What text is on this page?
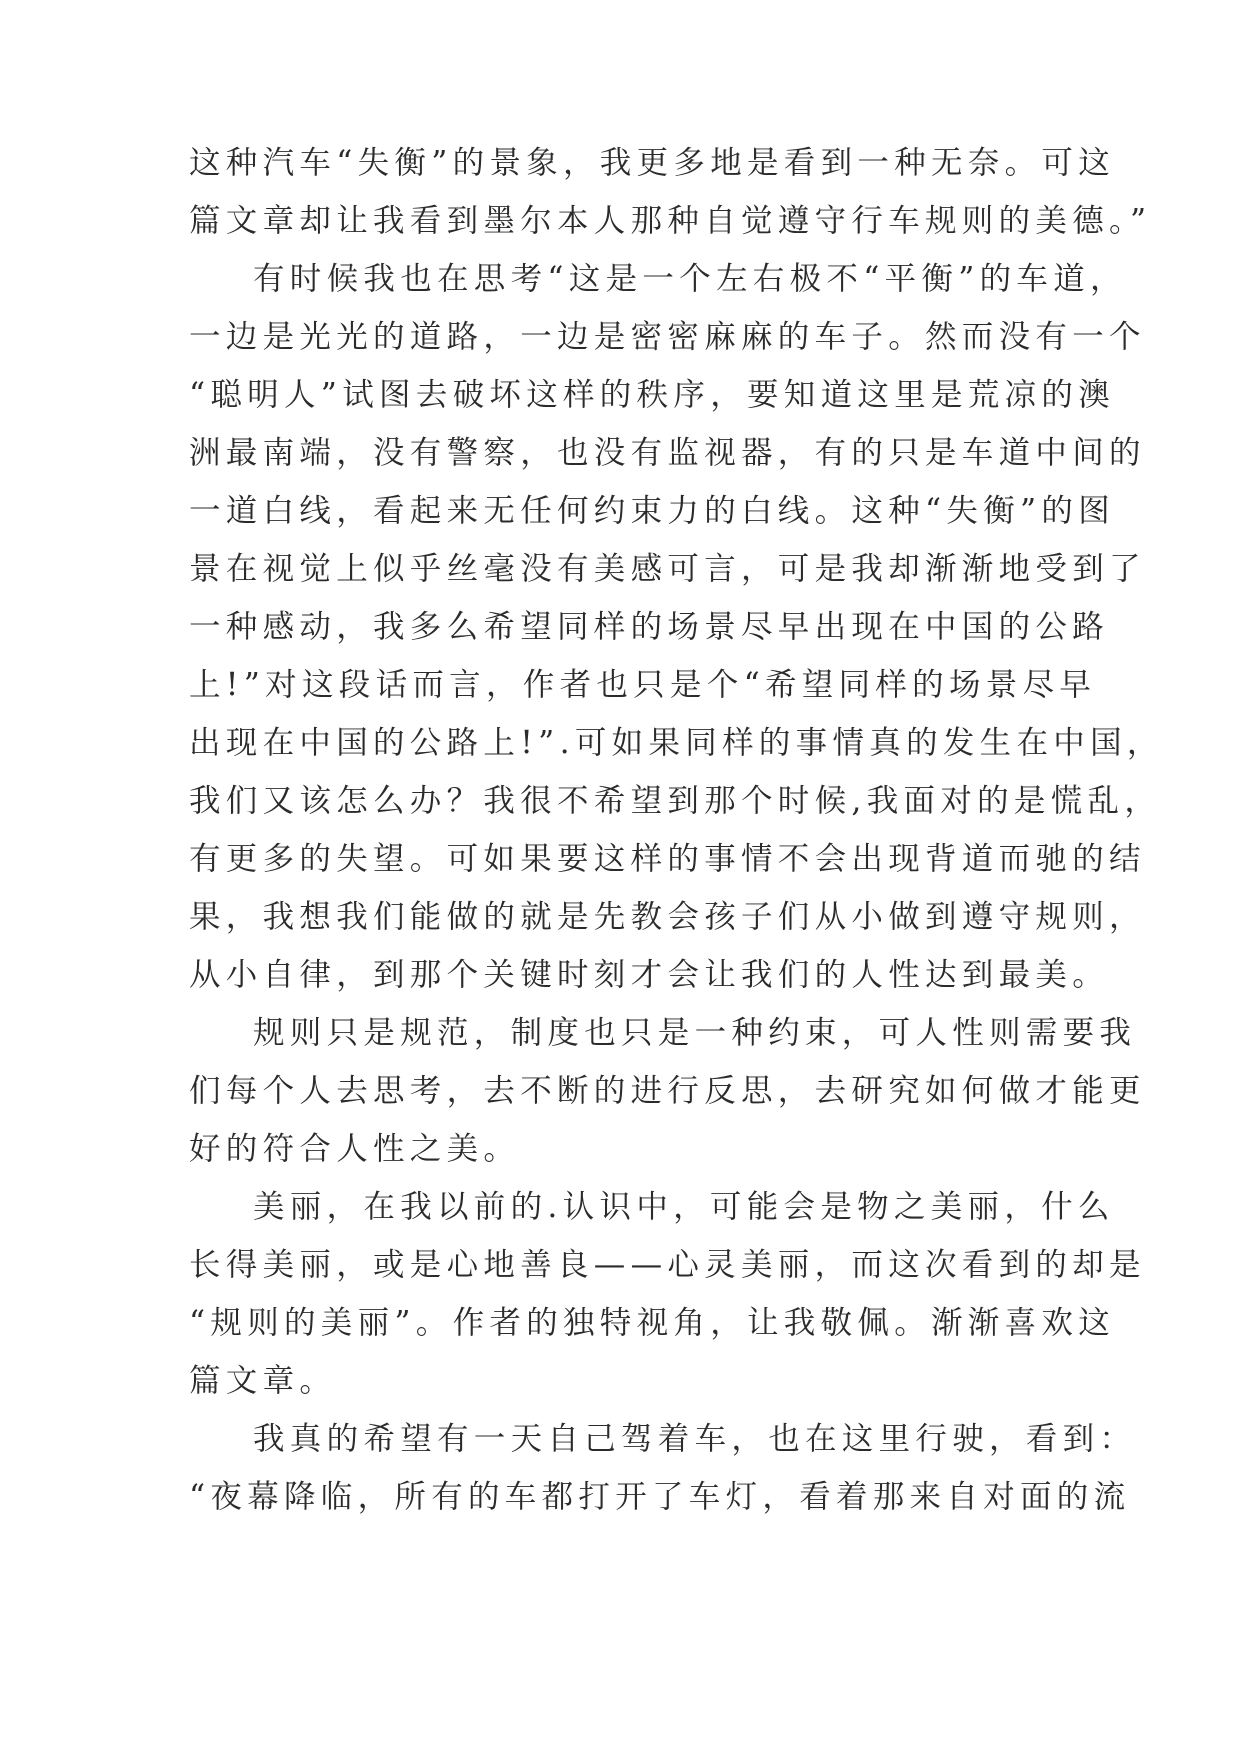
这种汽车“失衡”的景象，我更多地是看到一种无奈。可这
篇文章却让我看到墨尔本人那种自觉遵守行车规则的美德。”
有时候我也在思考“这是一个左右极不“平衡”的车道，
一边是光光的道路，一边是密密麻麻的车子。然而没有一个
“聪明人”试图去破坏这样的秩序，要知道这里是荒凉的澳
洲最南端，没有警察，也没有监视器，有的只是车道中间的
一道白线，看起来无任何约束力的白线。这种“失衡”的图
景在视觉上似乎丝毫没有美感可言，可是我却渐渐地受到了
一种感动，我多么希望同样的场景尽早出现在中国的公路
上!”对这段话而言，作者也只是个“希望同样的场景尽早
出现在中国的公路上!”.可如果同样的事情真的发生在中国，
我们又该怎么办？我很不希望到那个时候,我面对的是慌乱，
有更多的失望。可如果要这样的事情不会出现背道而驰的结
果，我想我们能做的就是先教会孩子们从小做到遵守规则，
从小自律，到那个关键时刻才会让我们的人性达到最美。
规则只是规范，制度也只是一种约束，可人性则需要我
们每个人去思考，去不断的进行反思，去研究如何做才能更
好的符合人性之美。
美丽，在我以前的.认识中，可能会是物之美丽，什么
长得美丽，或是心地善良——心灵美丽，而这次看到的却是
“规则的美丽”。作者的独特视角，让我敬佩。渐渐喜欢这
篇文章。
我真的希望有一天自己驾着车，也在这里行驶，看到：
“夜幕降临，所有的车都打开了车灯，看着那来自对面的流
